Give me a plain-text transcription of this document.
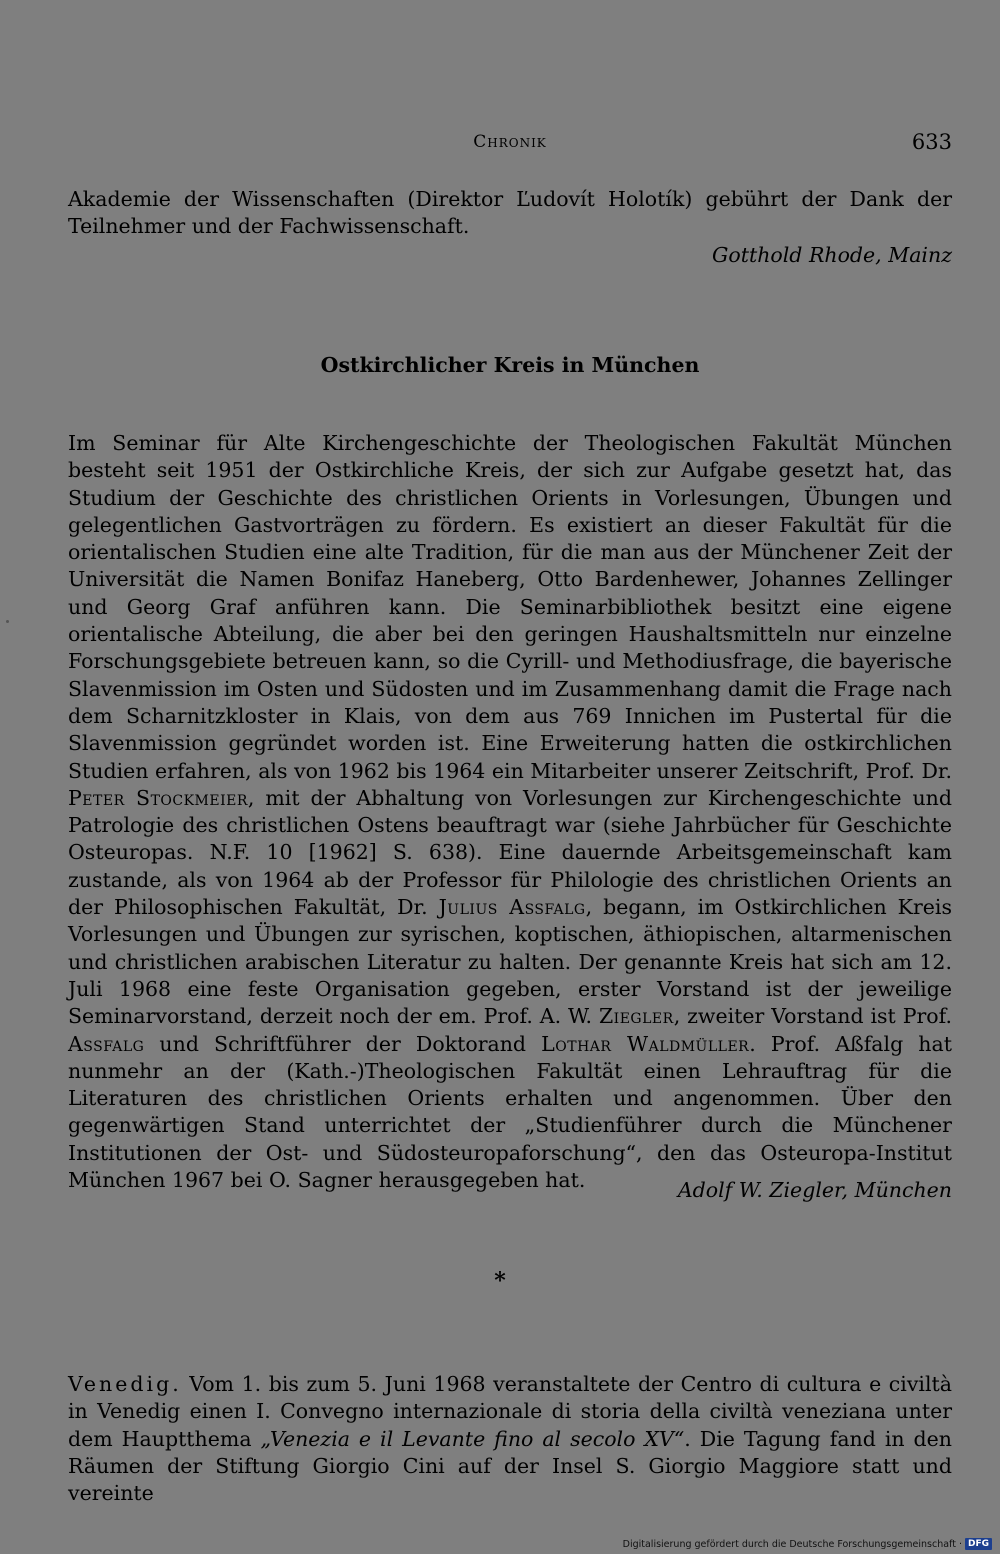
Chronik	633
Akademie der Wissenschaften (Direktor Ľudovít Holotík) gebührt der Dank der Teilnehmer und der Fachwissenschaft.
Gotthold Rhode, Mainz
Ostkirchlicher Kreis in München
Im Seminar für Alte Kirchengeschichte der Theologischen Fakultät München besteht seit 1951 der Ostkirchliche Kreis, der sich zur Aufgabe gesetzt hat, das Studium der Geschichte des christlichen Orients in Vorlesungen, Übungen und gelegentlichen Gastvorträgen zu fördern. Es existiert an dieser Fakultät für die orientalischen Studien eine alte Tradition, für die man aus der Münchener Zeit der Universität die Namen Bonifaz Haneberg, Otto Bardenhewer, Johannes Zellinger und Georg Graf anführen kann. Die Seminarbibliothek besitzt eine eigene orientalische Abteilung, die aber bei den geringen Haushaltsmitteln nur einzelne Forschungsgebiete betreuen kann, so die Cyrill- und Methodiusfrage, die bayerische Slavenmission im Osten und Südosten und im Zusammenhang damit die Frage nach dem Scharnitzkloster in Klais, von dem aus 769 Innichen im Pustertal für die Slavenmission gegründet worden ist. Eine Erweiterung hatten die ostkirchlichen Studien erfahren, als von 1962 bis 1964 ein Mitarbeiter unserer Zeitschrift, Prof. Dr. Peter Stockmeier, mit der Abhaltung von Vorlesungen zur Kirchengeschichte und Patrologie des christlichen Ostens beauftragt war (siehe Jahrbücher für Geschichte Osteuropas. N.F. 10 [1962] S. 638). Eine dauernde Arbeitsgemeinschaft kam zustande, als von 1964 ab der Professor für Philologie des christlichen Orients an der Philosophischen Fakultät, Dr. Julius Assfalg, begann, im Ostkirchlichen Kreis Vorlesungen und Übungen zur syrischen, koptischen, äthiopischen, altarmenischen und christlichen arabischen Literatur zu halten. Der genannte Kreis hat sich am 12. Juli 1968 eine feste Organisation gegeben, erster Vorstand ist der jeweilige Seminarvorstand, derzeit noch der em. Prof. A. W. Ziegler, zweiter Vorstand ist Prof. Assfalg und Schriftführer der Doktorand Lothar Waldmüller. Prof. Aßfalg hat nunmehr an der (Kath.-)Theologischen Fakultät einen Lehrauftrag für die Literaturen des christlichen Orients erhalten und angenommen. Über den gegenwärtigen Stand unterrichtet der „Studienführer durch die Münchener Institutionen der Ost- und Südosteuropaforschung“, den das Osteuropa-Institut München 1967 bei O. Sagner herausgegeben hat.	Adolf W. Ziegler, München
*
Venedig. Vom 1. bis zum 5. Juni 1968 veranstaltete der Centro di cultura e civiltà in Venedig einen I. Convegno internazionale di storia della civiltà veneziana unter dem Hauptthema „Venezia e il Levante fino al secolo XV“. Die Tagung fand in den Räumen der Stiftung Giorgio Cini auf der Insel S. Giorgio Maggiore statt und vereinte
Digitalisierung gefördert durch die Deutsche Forschungsgemeinschaft · DFG
